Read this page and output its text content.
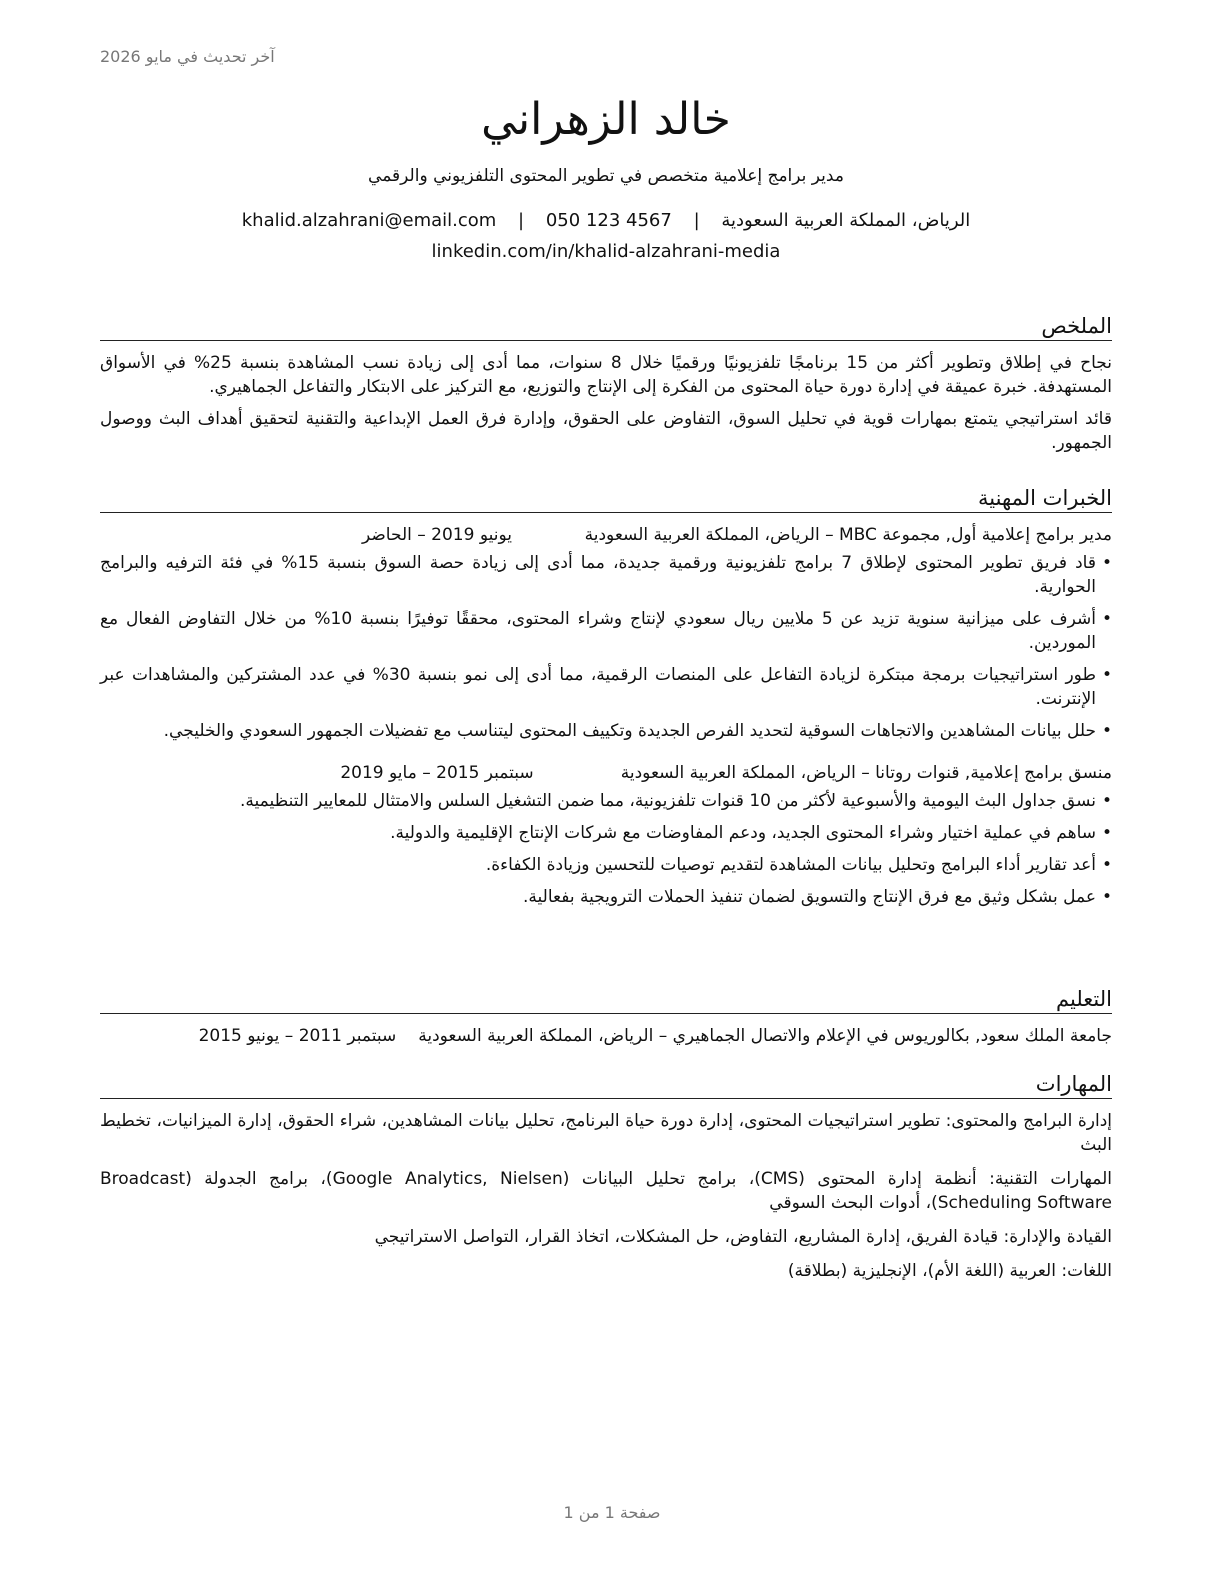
آخر تحديث في مايو 2026
خالد الزهراني
مدير برامج إعلامية متخصص في تطوير المحتوى التلفزيوني والرقمي
الرياض، المملكة العربية السعودية | khalid.alzahrani@email.com | 050 123 4567
linkedin.com/in/khalid-alzahrani-media
الملخص

نجاح في إطلاق وتطوير أكثر من 15 برنامجًا تلفزيونيًا ورقميًا خلال 8 سنوات، مما أدى إلى زيادة نسب المشاهدة بنسبة 25% في الأسواق المستهدفة. خبرة عميقة في إدارة دورة حياة المحتوى من الفكرة إلى الإنتاج والتوزيع، مع التركيز على الابتكار والتفاعل الجماهيري.

قائد استراتيجي يتمتع بمهارات قوية في تحليل السوق، التفاوض على الحقوق، وإدارة فرق العمل الإبداعية والتقنية لتحقيق أهداف البث ووصول الجمهور.

الخبرات المهنية
مدير برامج إعلامية أول, مجموعة MBC – الرياض، المملكة العربية السعودية
يونيو 2019 – الحاضر
• قاد فريق تطوير المحتوى لإطلاق 7 برامج تلفزيونية ورقمية جديدة، مما أدى إلى زيادة حصة السوق بنسبة 15% في فئة الترفيه والبرامج الحوارية.
• أشرف على ميزانية سنوية تزيد عن 5 ملايين ريال سعودي لإنتاج وشراء المحتوى، محققًا توفيرًا بنسبة 10% من خلال التفاوض الفعال مع الموردين.
• طور استراتيجيات برمجة مبتكرة لزيادة التفاعل على المنصات الرقمية، مما أدى إلى نمو بنسبة 30% في عدد المشتركين والمشاهدات عبر الإنترنت.
• حلل بيانات المشاهدين والاتجاهات السوقية لتحديد الفرص الجديدة وتكييف المحتوى ليتناسب مع تفضيلات الجمهور السعودي والخليجي.
منسق برامج إعلامية, قنوات روتانا – الرياض، المملكة العربية السعودية
سبتمبر 2015 – مايو 2019
• نسق جداول البث اليومية والأسبوعية لأكثر من 10 قنوات تلفزيونية، مما ضمن التشغيل السلس والامتثال للمعايير التنظيمية.
• ساهم في عملية اختيار وشراء المحتوى الجديد، ودعم المفاوضات مع شركات الإنتاج الإقليمية والدولية.
• أعد تقارير أداء البرامج وتحليل بيانات المشاهدة لتقديم توصيات للتحسين وزيادة الكفاءة.
• عمل بشكل وثيق مع فرق الإنتاج والتسويق لضمان تنفيذ الحملات الترويجية بفعالية.
التعليم
جامعة الملك سعود, بكالوريوس في الإعلام والاتصال الجماهيري – الرياض، المملكة العربية السعودية
سبتمبر 2011 – يونيو 2015
المهارات

إدارة البرامج والمحتوى: تطوير استراتيجيات المحتوى، إدارة دورة حياة البرنامج، تحليل بيانات المشاهدين، شراء الحقوق، إدارة الميزانيات، تخطيط البث

المهارات التقنية: أنظمة إدارة المحتوى (CMS)، برامج تحليل البيانات (Google Analytics, Nielsen)، برامج الجدولة (Broadcast Scheduling Software)، أدوات البحث السوقي

القيادة والإدارة: قيادة الفريق، إدارة المشاريع، التفاوض، حل المشكلات، اتخاذ القرار، التواصل الاستراتيجي

اللغات: العربية (اللغة الأم)، الإنجليزية (بطلاقة)

صفحة 1 من 1
